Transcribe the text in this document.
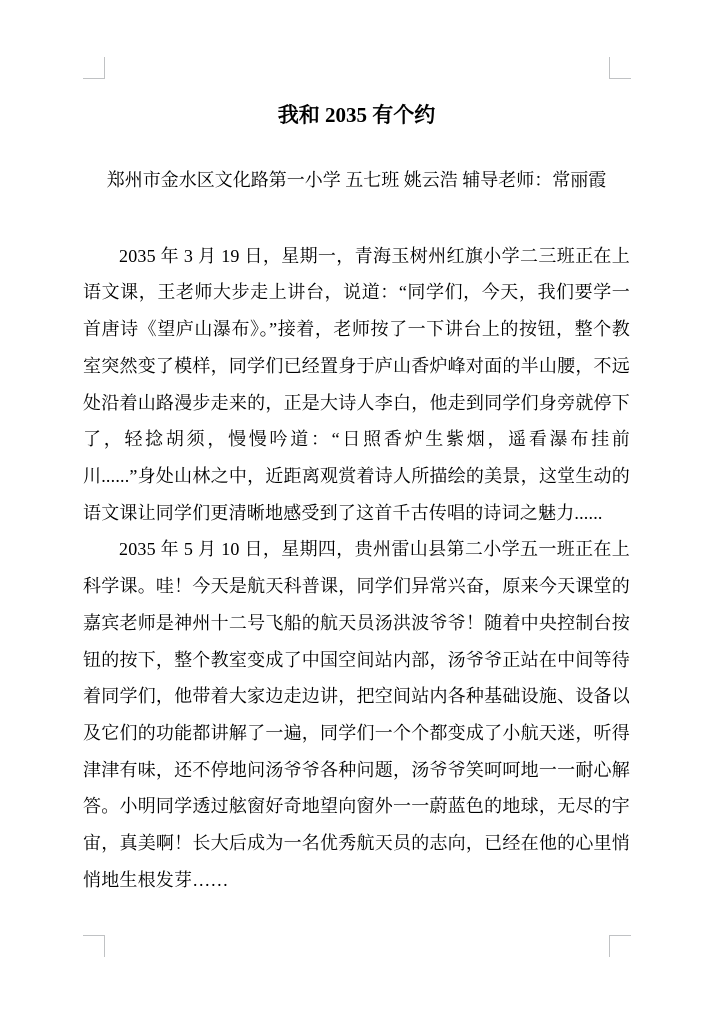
我和 2035 有个约
郑州市金水区文化路第一小学 五七班 姚云浩 辅导老师：常丽霞

2035 年 3 月 19 日，星期一，青海玉树州红旗小学二三班正在上语文课，王老师大步走上讲台，说道：“同学们，今天，我们要学一首唐诗《望庐山瀑布》。”接着，老师按了一下讲台上的按钮，整个教室突然变了模样，同学们已经置身于庐山香炉峰对面的半山腰，不远处沿着山路漫步走来的，正是大诗人李白，他走到同学们身旁就停下了，轻捻胡须，慢慢吟道：“日照香炉生紫烟，遥看瀑布挂前川......”身处山林之中，近距离观赏着诗人所描绘的美景，这堂生动的语文课让同学们更清晰地感受到了这首千古传唱的诗词之魅力......

2035 年 5 月 10 日，星期四，贵州雷山县第二小学五一班正在上科学课。哇！今天是航天科普课，同学们异常兴奋，原来今天课堂的嘉宾老师是神州十二号飞船的航天员汤洪波爷爷！随着中央控制台按钮的按下，整个教室变成了中国空间站内部，汤爷爷正站在中间等待着同学们，他带着大家边走边讲，把空间站内各种基础设施、设备以及它们的功能都讲解了一遍，同学们一个个都变成了小航天迷，听得津津有味，还不停地问汤爷爷各种问题，汤爷爷笑呵呵地一一耐心解答。小明同学透过舷窗好奇地望向窗外一一蔚蓝色的地球，无尽的宇宙，真美啊！长大后成为一名优秀航天员的志向，已经在他的心里悄悄地生根发芽……
